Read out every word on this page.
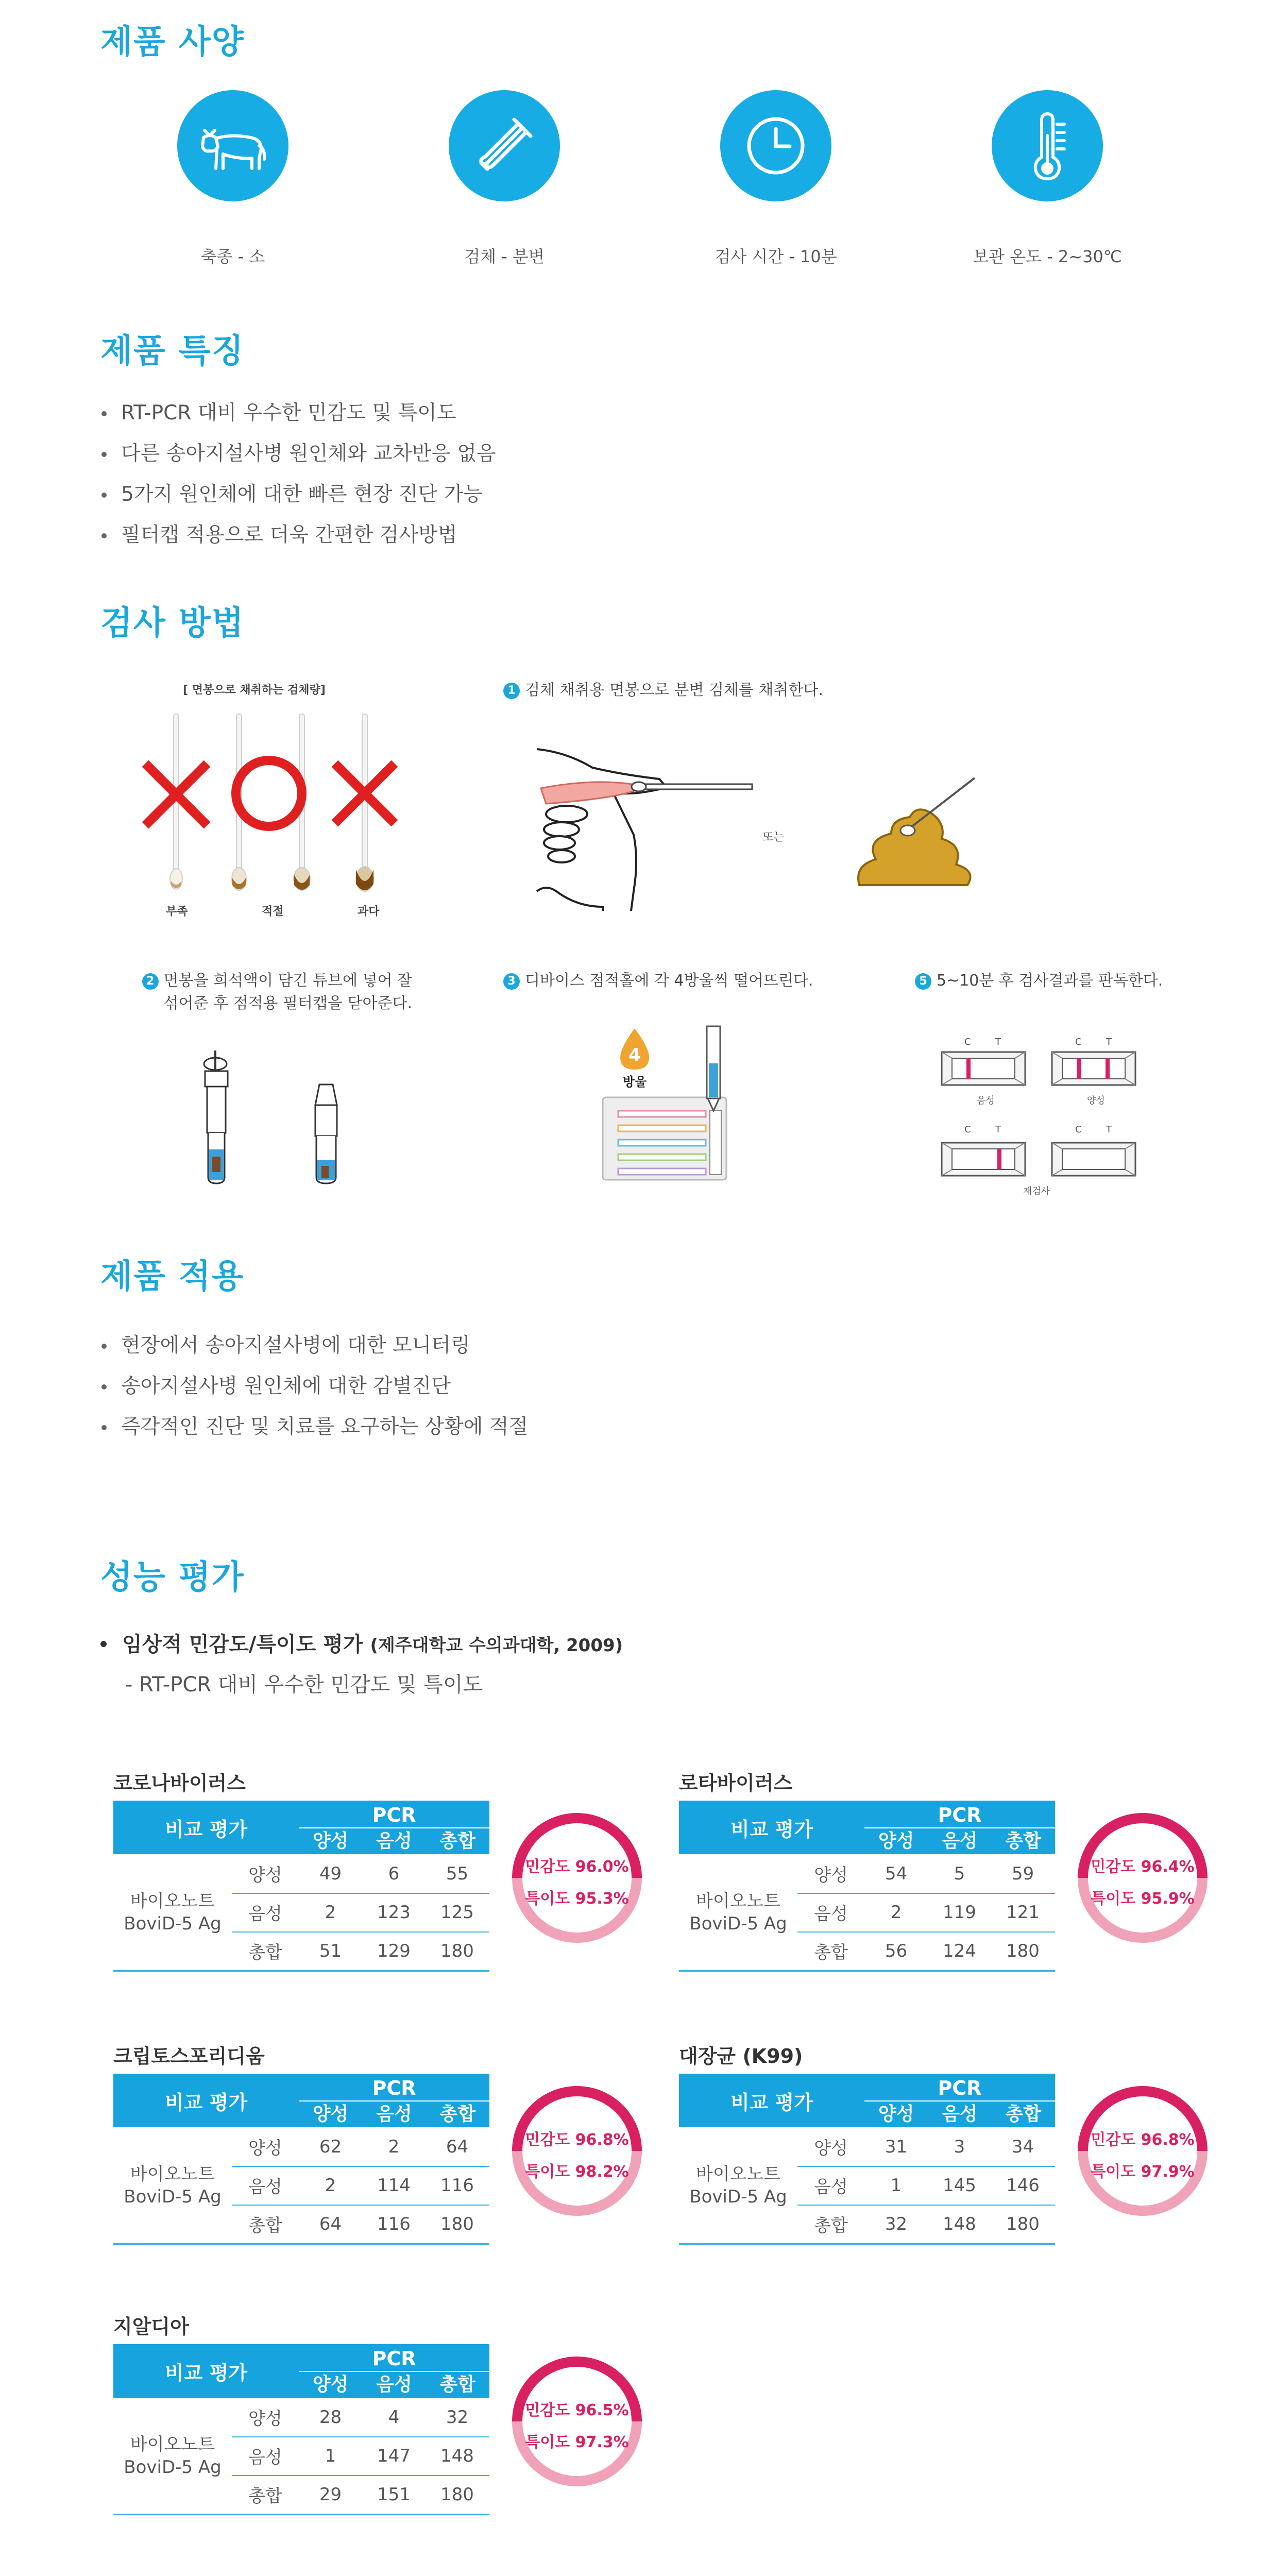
제품 사양
축종 - 소	검체 - 분변	검사 시간 - 10분	보관 온도 - 2~30℃
제품 특징
RT-PCR 대비 우수한 민감도 및 특이도
다른 송아지설사병 원인체와 교차반응 없음
5가지 원인체에 대한 빠른 현장 진단 가능
필터캡 적용으로 더욱 간편한 검사방법
검사 방법
[ 면봉으로 채취하는 검체량]
부족	적절	과다
1 검체 채취용 면봉으로 분변 검체를 채취한다.
또는
2 면봉을 희석액이 담긴 튜브에 넣어 잘
섞어준 후 점적용 필터캡을 닫아준다.
3 디바이스 점적홀에 각 4방울씩 떨어뜨린다.
4
방울
5 5~10분 후 검사결과를 판독한다.
C	T	C	T
C	T	C	T
음성	양성
재검사
제품 적용
현장에서 송아지설사병에 대한 모니터링
송아지설사병 원인체에 대한 감별진단
즉각적인 진단 및 치료를 요구하는 상황에 적절
성능 평가
임상적 민감도/특이도 평가 (제주대학교 수의과대학, 2009)
- RT-PCR 대비 우수한 민감도 및 특이도
코로나바이러스
비교 평가
PCR
양성	음성	총합
바이오노트
BoviD-5 Ag
양성	49	6	55
음성	2	123	125
총합	51	129	180
민감도 96.0%
특이도 95.3%
로타바이러스
비교 평가
PCR
양성	음성	총합
바이오노트
BoviD-5 Ag
양성	54	5	59
음성	2	119	121
총합	56	124	180
민감도 96.4%
특이도 95.9%
크립토스포리디움
비교 평가
PCR
양성	음성	총합
바이오노트
BoviD-5 Ag
양성	62	2	64
음성	2	114	116
총합	64	116	180
민감도 96.8%
특이도 98.2%
대장균 (K99)
비교 평가
PCR
양성	음성	총합
바이오노트
BoviD-5 Ag
양성	31	3	34
음성	1	145	146
총합	32	148	180
민감도 96.8%
특이도 97.9%
지알디아
비교 평가
PCR
양성	음성	총합
바이오노트
BoviD-5 Ag
양성	28	4	32
음성	1	147	148
총합	29	151	180
민감도 96.5%
특이도 97.3%
